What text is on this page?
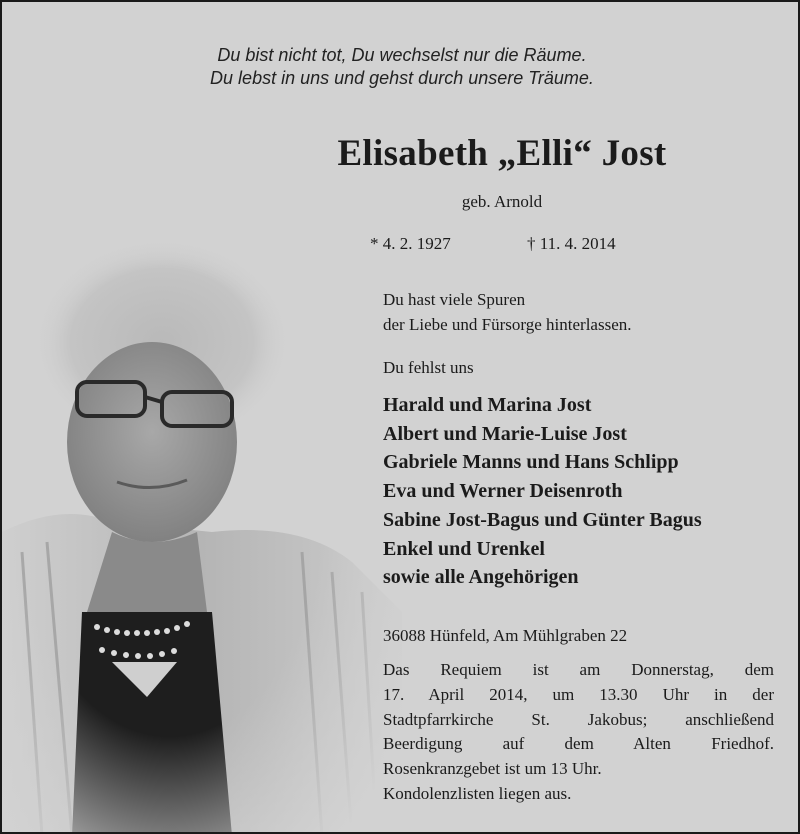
Du bist nicht tot, Du wechselst nur die Räume.
Du lebst in uns und gehst durch unsere Träume.
Elisabeth „Elli“ Jost
geb. Arnold
* 4. 2. 1927	† 11. 4. 2014
Du hast viele Spuren
der Liebe und Fürsorge hinterlassen.
Du fehlst uns
Harald und Marina Jost
Albert und Marie-Luise Jost
Gabriele Manns und Hans Schlipp
Eva und Werner Deisenroth
Sabine Jost-Bagus und Günter Bagus
Enkel und Urenkel
sowie alle Angehörigen
36088 Hünfeld, Am Mühlgraben 22
Das Requiem ist am Donnerstag, dem
17. April 2014, um 13.30 Uhr in der
Stadtpfarrkirche St. Jakobus; anschließend
Beerdigung auf dem Alten Friedhof.
Rosenkranzgebet ist um 13 Uhr.
Kondolenzlisten liegen aus.
